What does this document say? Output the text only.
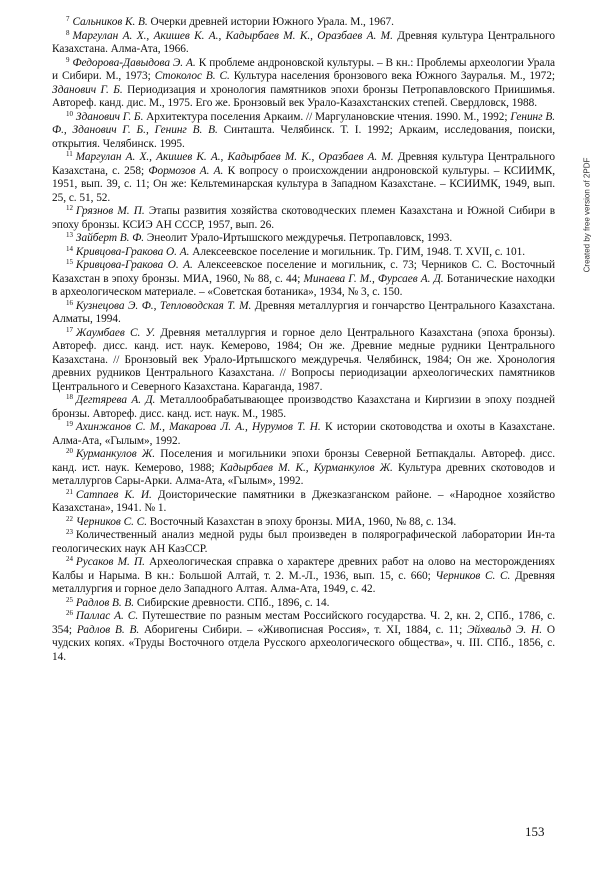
$^7$ Сальников К. В. Очерки древней истории Южного Урала. М., 1967.

$^8$ Маргулан А. Х., Акишев К. А., Кадырбаев М. К., Оразбаев А. М. Древняя культура Центрального Казахстана. Алма-Ата, 1966.

$^9$ Федорова-Давыдова Э. А. К проблеме андроновской культуры. – В кн.: Проблемы археологии Урала и Сибири. М., 1973; Стоколос В. С. Культура населения бронзового века Южного Зауралья. М., 1972; Зданович Г. Б. Периодизация и хронология памятников эпохи бронзы Петропавловского Приишимья. Автореф. канд. дис. М., 1975. Его же. Бронзовый век Урало-Казахстанских степей. Свердловск, 1988.

$^{10}$ Зданович Г. Б. Архитектура поселения Аркаим. // Маргулановские чтения. 1990. М., 1992; Генинг В. Ф., Зданович Г. Б., Генинг В. В. Синташта. Челябинск. Т. I. 1992; Аркаим, исследования, поиски, открытия. Челябинск. 1995.

$^{11}$ Маргулан А. Х., Акишев К. А., Кадырбаев М. К., Оразбаев А. М. Древняя культура Центрального Казахстана, с. 258; Формозов А. А. К вопросу о происхождении андроновской культуры. – КСИИМК, 1951, вып. 39, с. 11; Он же: Кельтеминарская культура в Западном Казахстане. – КСИИМК, 1949, вып. 25, с. 51, 52.

$^{12}$ Грязнов М. П. Этапы развития хозяйства скотоводческих племен Казахстана и Южной Сибири в эпоху бронзы. КСИЭ АН СССР, 1957, вып. 26.

$^{13}$ Зайберт В. Ф. Энеолит Урало-Иртышского междуречья. Петропавловск, 1993.

$^{14}$ Кривцова-Гракова О. А. Алексеевское поселение и могильник. Тр. ГИМ, 1948. Т. XVII, с. 101.

$^{15}$ Кривцова-Гракова О. А. Алексеевское поселение и могильник, с. 73; Черников С. С. Восточный Казахстан в эпоху бронзы. МИА, 1960, № 88, с. 44; Минаева Г. М., Фурсаев А. Д. Ботанические находки в археологическом материале. – «Советская ботаника», 1934, № 3, с. 150.

$^{16}$ Кузнецова Э. Ф., Тепловодская Т. М. Древняя металлургия и гончарство Центрального Казахстана. Алматы, 1994.

$^{17}$ Жаумбаев С. У. Древняя металлургия и горное дело Центрального Казахстана (эпоха бронзы). Автореф. дисс. канд. ист. наук. Кемерово, 1984; Он же. Древние медные рудники Центрального Казахстана. // Бронзовый век Урало-Иртышского междуречья. Челябинск, 1984; Он же. Хронология древних рудников Центрального Казахстана. // Вопросы периодизации археологических памятников Центрального и Северного Казахстана. Караганда, 1987.

$^{18}$ Дегтярева А. Д. Металлообрабатывающее производство Казахстана и Киргизии в эпоху поздней бронзы. Автореф. дисс. канд. ист. наук. М., 1985.

$^{19}$ Ахинжанов С. М., Макарова Л. А., Нурумов Т. Н. К истории скотоводства и охоты в Казахстане. Алма-Ата, «Гылым», 1992.

$^{20}$ Курманкулов Ж. Поселения и могильники эпохи бронзы Северной Бетпакдалы. Автореф. дисс. канд. ист. наук. Кемерово, 1988; Кадырбаев М. К., Курманкулов Ж. Культура древних скотоводов и металлургов Сары-Арки. Алма-Ата, «Гылым», 1992.

$^{21}$ Сатпаев К. И. Доисторические памятники в Джезказганском районе. – «Народное хозяйство Казахстана», 1941. № 1.

$^{22}$ Черников С. С. Восточный Казахстан в эпоху бронзы. МИА, 1960, № 88, с. 134.

$^{23}$ Количественный анализ медной руды был произведен в полярографической лаборатории Ин-та геологических наук АН КазССР.

$^{24}$ Русаков М. П. Археологическая справка о характере древних работ на олово на месторождениях Калбы и Нарыма. В кн.: Большой Алтай, т. 2. М.-Л., 1936, вып. 15, с. 660; Черников С. С. Древняя металлургия и горное дело Западного Алтая. Алма-Ата, 1949, с. 42.

$^{25}$ Радлов В. В. Сибирские древности. СПб., 1896, с. 14.

$^{26}$ Паллас А. С. Путешествие по разным местам Российского государства. Ч. 2, кн. 2, СПб., 1786, с. 354; Радлов В. В. Аборигены Сибири. – «Живописная Россия», т. XI, 1884, с. 11; Эйхвальд Э. Н. О чудских копях. «Труды Восточного отдела Русского археологического общества», ч. III. СПб., 1856, с. 14.

Created by free version of 2PDF
153
